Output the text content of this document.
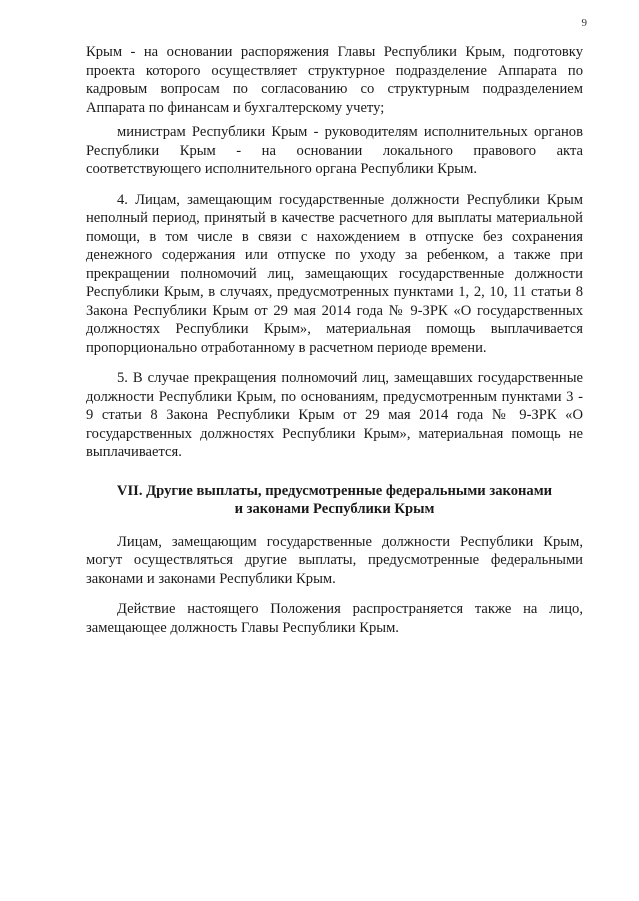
9

Крым - на основании распоряжения Главы Республики Крым, подготовку проекта которого осуществляет структурное подразделение Аппарата по кадровым вопросам по согласованию со структурным подразделением Аппарата по финансам и бухгалтерскому учету;

министрам Республики Крым - руководителям исполнительных органов Республики Крым - на основании локального правового акта соответствующего исполнительного органа Республики Крым.

4. Лицам, замещающим государственные должности Республики Крым неполный период, принятый в качестве расчетного для выплаты материальной помощи, в том числе в связи с нахождением в отпуске без сохранения денежного содержания или отпуске по уходу за ребенком, а также при прекращении полномочий лиц, замещающих государственные должности Республики Крым, в случаях, предусмотренных пунктами 1, 2, 10, 11 статьи 8 Закона Республики Крым от 29 мая 2014 года № 9-ЗРК «О государственных должностях Республики Крым», материальная помощь выплачивается пропорционально отработанному в расчетном периоде времени.

5. В случае прекращения полномочий лиц, замещавших государственные должности Республики Крым, по основаниям, предусмотренным пунктами 3 - 9 статьи 8 Закона Республики Крым от 29 мая 2014 года № 9-ЗРК «О государственных должностях Республики Крым», материальная помощь не выплачивается.

VII. Другие выплаты, предусмотренные федеральными законами

и законами Республики Крым

Лицам, замещающим государственные должности Республики Крым, могут осуществляться другие выплаты, предусмотренные федеральными законами и законами Республики Крым.

Действие настоящего Положения распространяется также на лицо, замещающее должность Главы Республики Крым.
